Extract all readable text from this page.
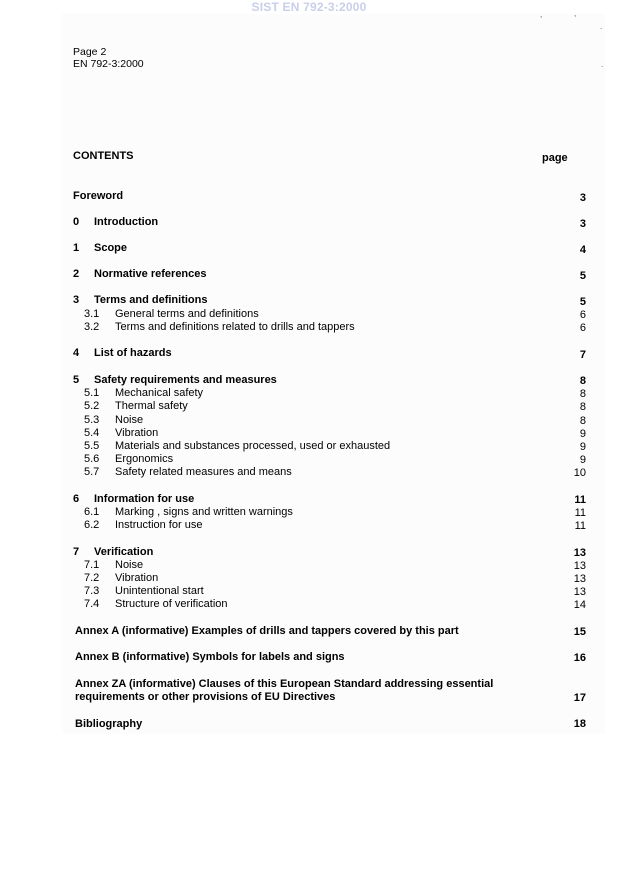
SIST EN 792-3:2000
,	,
.
.
Page 2
EN 792-3:2000
CONTENTS	page
Foreword	3
0 Introduction	3
1 Scope	4
2 Normative references	5
3 Terms and definitions	5
3.1 General terms and definitions	6
3.2 Terms and definitions related to drills and tappers	6
4 List of hazards	7
5 Safety requirements and measures	8
5.1 Mechanical safety	8
5.2 Thermal safety	8
5.3 Noise	8
5.4 Vibration	9
5.5 Materials and substances processed, used or exhausted	9
5.6 Ergonomics	9
5.7 Safety related measures and means	10
6 Information for use	11
6.1 Marking , signs and written warnings	11
6.2 Instruction for use	11
7 Verification	13
7.1 Noise	13
7.2 Vibration	13
7.3 Unintentional start	13
7.4 Structure of verification	14
Annex A (informative) Examples of drills and tappers covered by this part	15
Annex B (informative) Symbols for labels and signs	16
Annex ZA (informative) Clauses of this European Standard addressing essential
requirements or other provisions of EU Directives	17
Bibliography	18
